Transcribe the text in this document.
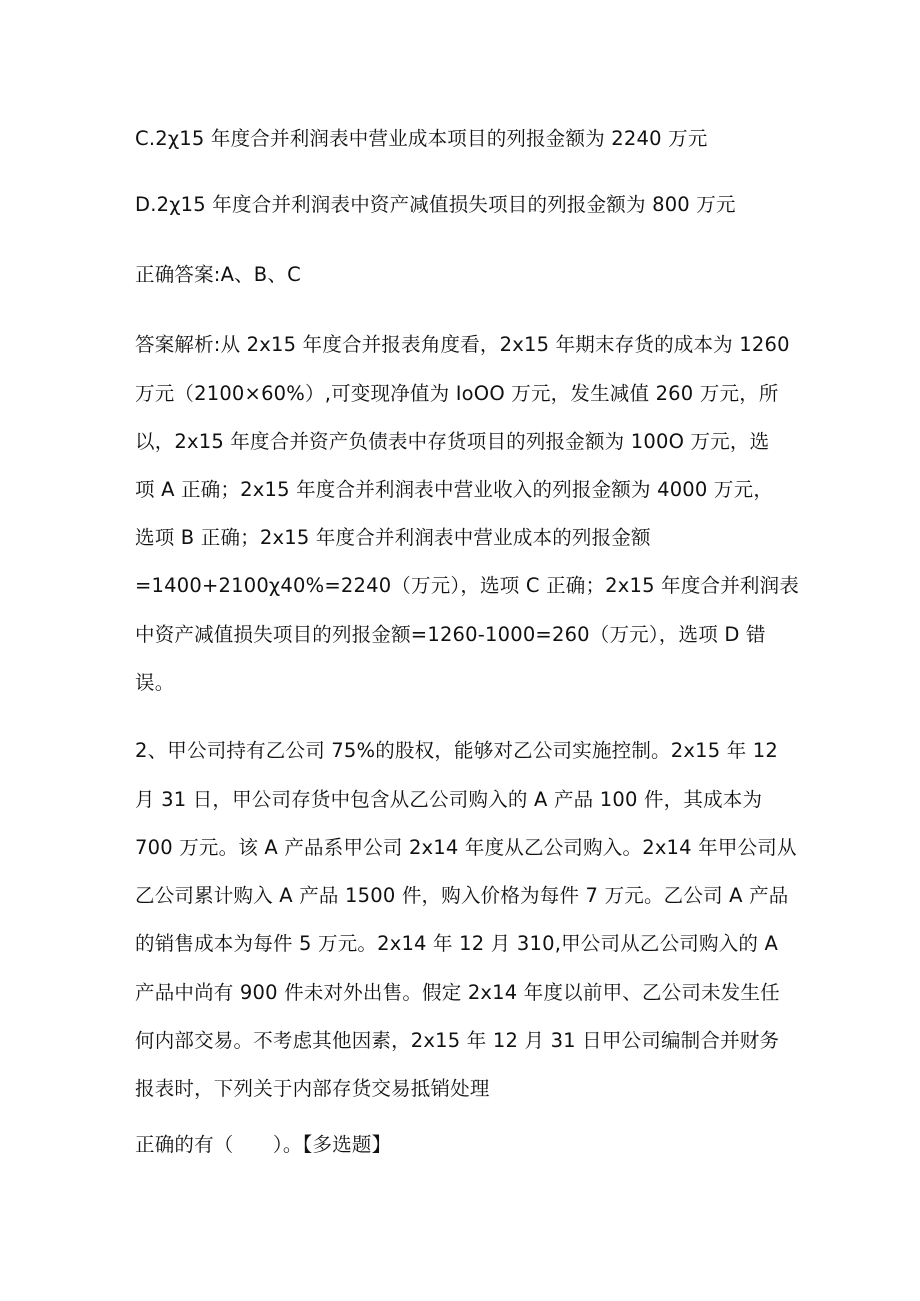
C.2χ15 年度合并利润表中营业成本项目的列报金额为 2240 万元
D.2χ15 年度合并利润表中资产减值损失项目的列报金额为 800 万元
正确答案:A、B、C
答案解析:从 2x15 年度合并报表角度看，2x15 年期末存货的成本为 1260
万元（2100×60%）,可变现净值为 IoOO 万元，发生减值 260 万元，所
以，2x15 年度合并资产负债表中存货项目的列报金额为 100O 万元，选
项 A 正确；2x15 年度合并利润表中营业收入的列报金额为 4000 万元，
选项 B 正确；2x15 年度合并利润表中营业成本的列报金额
=1400+2100χ40%=2240（万元），选项 C 正确；2x15 年度合并利润表
中资产减值损失项目的列报金额=1260-1000=260（万元），选项 D 错
误。
2、甲公司持有乙公司 75%的股权，能够对乙公司实施控制。2x15 年 12
月 31 日，甲公司存货中包含从乙公司购入的 A 产品 100 件，其成本为
700 万元。该 A 产品系甲公司 2x14 年度从乙公司购入。2x14 年甲公司从
乙公司累计购入 A 产品 1500 件，购入价格为每件 7 万元。乙公司 A 产品
的销售成本为每件 5 万元。2x14 年 12 月 310,甲公司从乙公司购入的 A
产品中尚有 900 件未对外出售。假定 2x14 年度以前甲、乙公司未发生任
何内部交易。不考虑其他因素，2x15 年 12 月 31 日甲公司编制合并财务
报表时，下列关于内部存货交易抵销处理
正确的有（　　）。【多选题】
